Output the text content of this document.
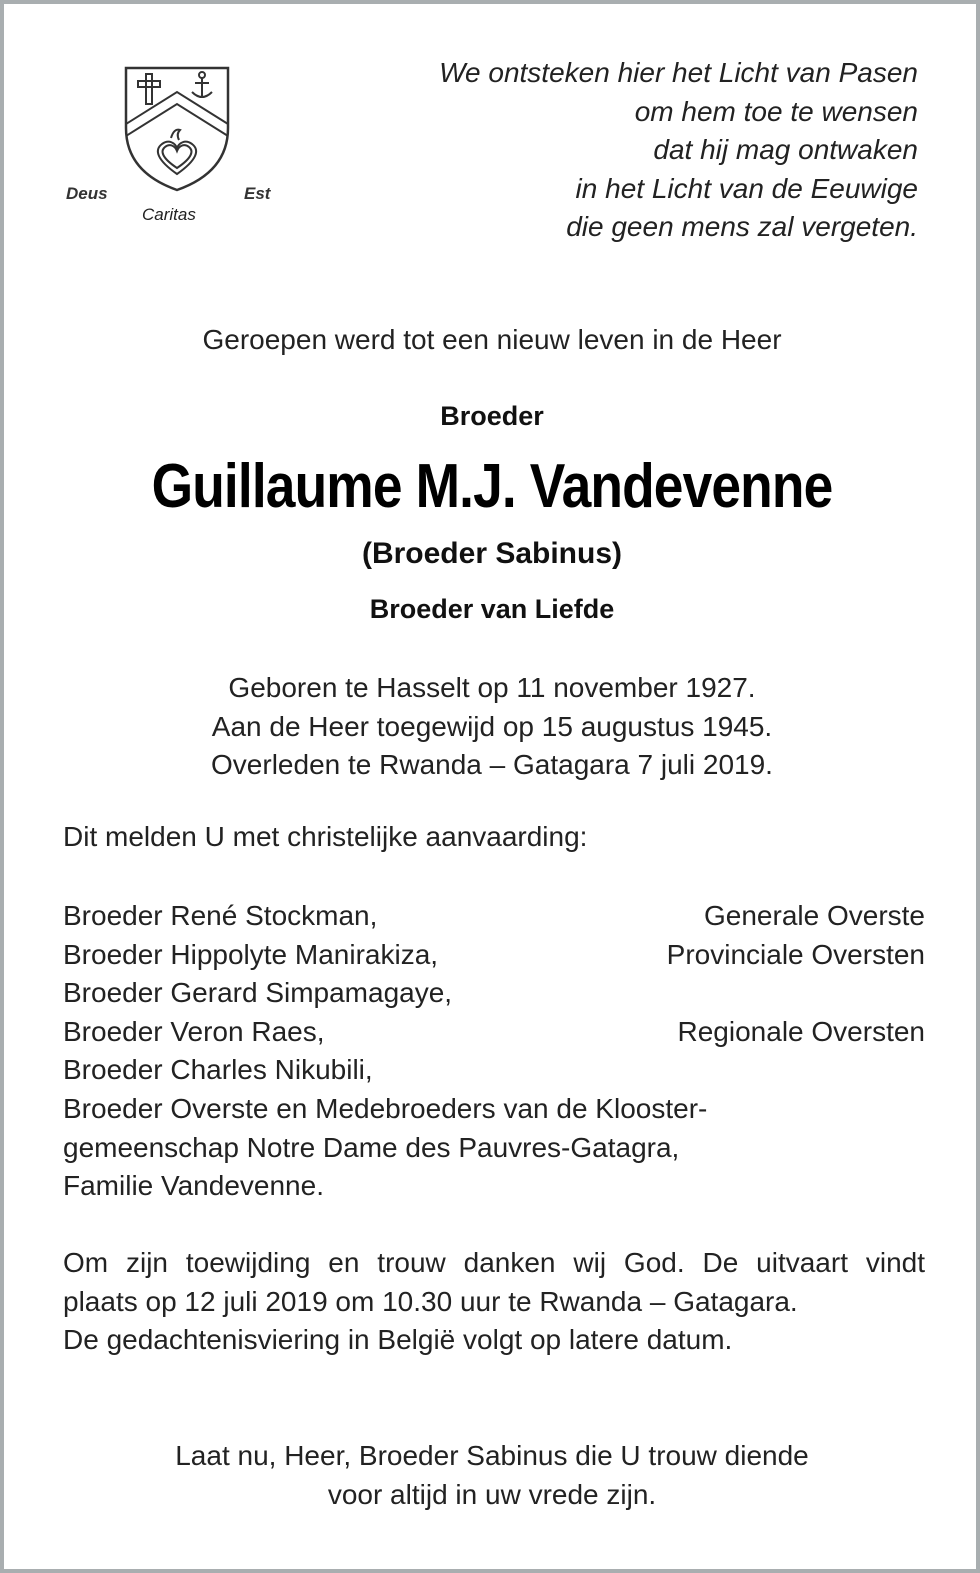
Deus	Est
Caritas
We ontsteken hier het Licht van Pasen
om hem toe te wensen
dat hij mag ontwaken
in het Licht van de Eeuwige
die geen mens zal vergeten.
Geroepen werd tot een nieuw leven in de Heer
Broeder
Guillaume M.J. Vandevenne
(Broeder Sabinus)
Broeder van Liefde
Geboren te Hasselt op 11 november 1927.
Aan de Heer toegewijd op 15 augustus 1945.
Overleden te Rwanda – Gatagara 7 juli 2019.
Dit melden U met christelijke aanvaarding:
Broeder René Stockman,	Generale Overste
Broeder Hippolyte Manirakiza,	Provinciale Oversten
Broeder Gerard Simpamagaye,
Broeder Veron Raes,	Regionale Oversten
Broeder Charles Nikubili,
Broeder Overste en Medebroeders van de Klooster-
gemeenschap Notre Dame des Pauvres-Gatagra,
Familie Vandevenne.
Om zijn toewijding en trouw danken wij God. De uitvaart vindt
plaats op 12 juli 2019 om 10.30 uur te Rwanda – Gatagara.
De gedachtenisviering in België volgt op latere datum.
Laat nu, Heer, Broeder Sabinus die U trouw diende
voor altijd in uw vrede zijn.
